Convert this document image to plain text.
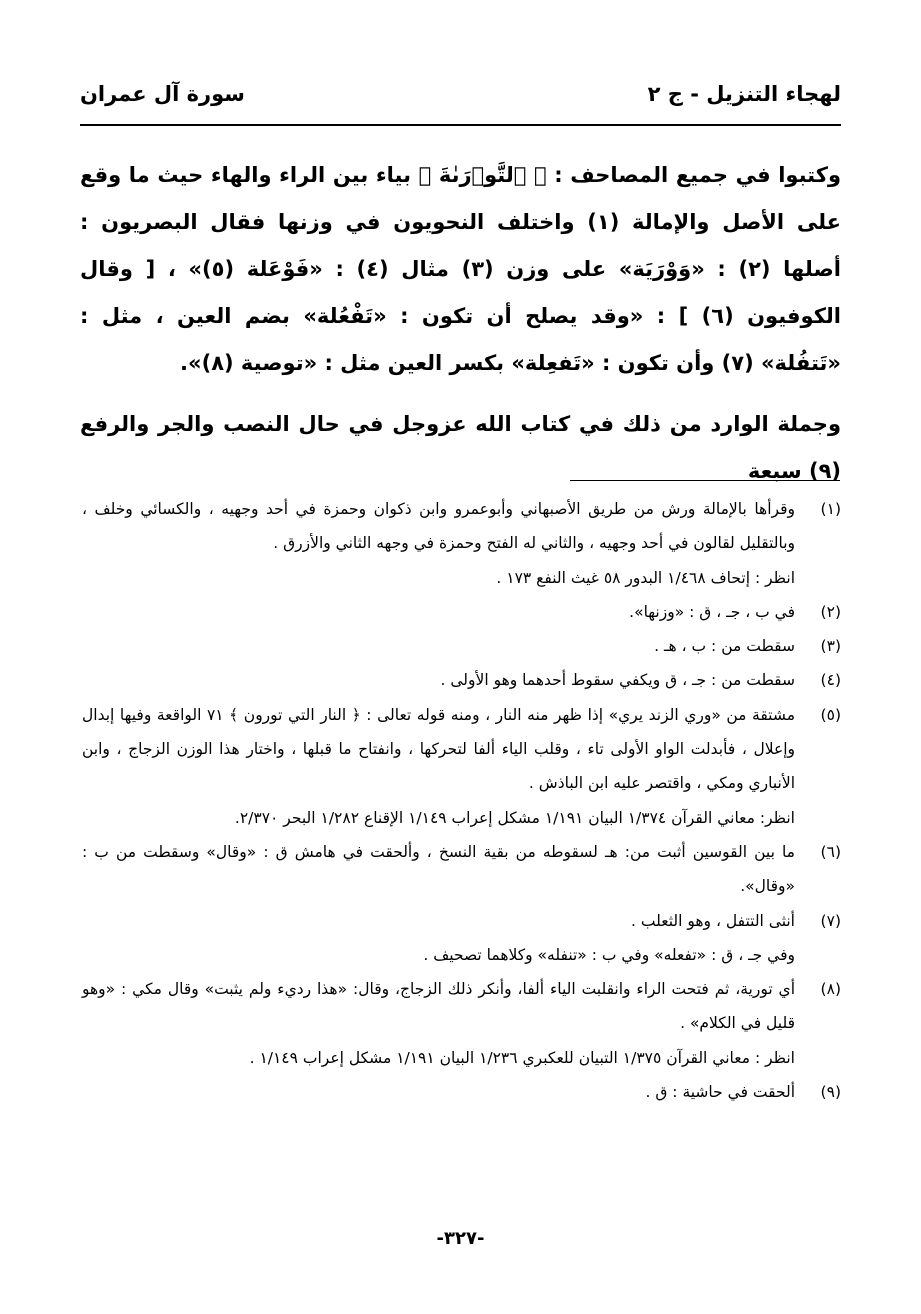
لهجاء التنزيل - ج ٢
سورة آل عمران

وكتبوا في جميع المصاحف : ﴿ ٱلتَّوۡرَىٰةَ ﴾ بياء بين الراء والهاء حيث ما وقع على الأصل والإمالة (١) واختلف النحويون في وزنها فقال البصريون : أصلها (٢) : «وَوْرَيَة» على وزن (٣) مثال (٤) : «فَوْعَلة (٥)» ، [ وقال الكوفيون (٦) ] : «وقد يصلح أن تكون : «تَفْعُلة» بضم العين ، مثل : «تَتفُلة» (٧) وأن تكون : «تَفعِلة» بكسر العين مثل : «توصية (٨)».

وجملة الوارد من ذلك في كتاب الله عزوجل في حال النصب والجر والرفع (٩) سبعة

(١)
وقرأها بالإمالة ورش من طريق الأصبهاني وأبوعمرو وابن ذكوان وحمزة في أحد وجهيه ، والكسائي وخلف ، وبالتقليل لقالون في أحد وجهيه ، والثاني له الفتح وحمزة في وجهه الثاني والأزرق .
انظر : إتحاف ١/٤٦٨ البدور ٥٨ غيث النفع ١٧٣ .
(٢)
في ب ، جـ ، ق : «وزنها».
(٣)
سقطت من : ب ، هـ .
(٤)
سقطت من : جـ ، ق ويكفي سقوط أحدهما وهو الأولى .
(٥)
مشتقة من «وري الزند يري» إذا ظهر منه النار ، ومنه قوله تعالى : ﴿ النار التي تورون ﴾ ٧١ الواقعة وفيها إبدال وإعلال ، فأبدلت الواو الأولى تاء ، وقلب الياء ألفا لتحركها ، وانفتاح ما قبلها ، واختار هذا الوزن الزجاج ، وابن الأنباري ومكي ، واقتصر عليه ابن الباذش .
انظر: معاني القرآن ١/٣٧٤ البيان ١/١٩١ مشكل إعراب ١/١٤٩ الإقناع ١/٢٨٢ البحر ٢/٣٧٠.
(٦)
ما بين القوسين أثبت من: هـ لسقوطه من بقية النسخ ، وألحقت في هامش ق : «وقال» وسقطت من ب : «وقال».
(٧)
أنثى التتفل ، وهو الثعلب .
وفي جـ ، ق : «تفعله» وفي ب : «تنفله» وكلاهما تصحيف .
(٨)
أي تورية، ثم فتحت الراء وانقلبت الياء ألفا، وأنكر ذلك الزجاج، وقال: «هذا رديء ولم يثبت» وقال مكي : «وهو قليل في الكلام» .
انظر : معاني القرآن ١/٣٧٥ التبيان للعكبري ١/٢٣٦ البيان ١/١٩١ مشكل إعراب ١/١٤٩ .
(٩)
ألحقت في حاشية : ق .
-٣٢٧-
